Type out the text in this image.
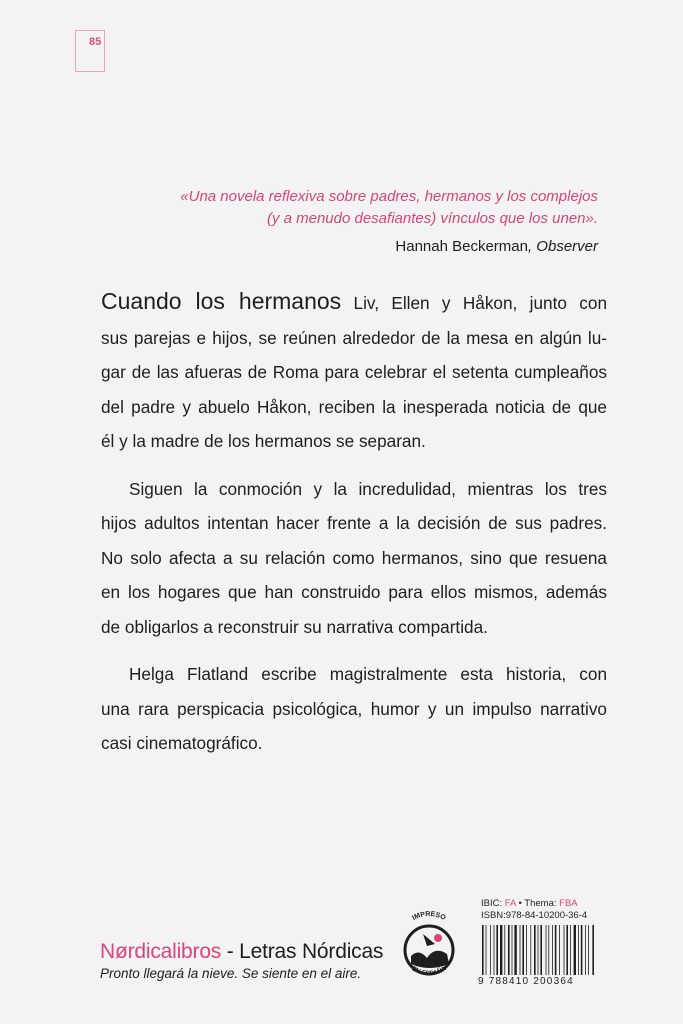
85

«Una novela reflexiva sobre padres, hermanos y los complejos

(y a menudo desafiantes) vínculos que los unen».

Hannah Beckerman, Observer

Cuando los hermanos Liv, Ellen y Håkon, junto con
sus parejas e hijos, se reúnen alrededor de la mesa en algún lu-
gar de las afueras de Roma para celebrar el setenta cumpleaños
del padre y abuelo Håkon, reciben la inesperada noticia de que
él y la madre de los hermanos se separan.

Siguen la conmoción y la incredulidad, mientras los tres
hijos adultos intentan hacer frente a la decisión de sus padres.
No solo afecta a su relación como hermanos, sino que resuena
en los hogares que han construido para ellos mismos, además
de obligarlos a reconstruir su narrativa compartida.

Helga Flatland escribe magistralmente esta historia, con
una rara perspicacia psicológica, humor y un impulso narrativo
casi cinematográfico.

Nørdicalibros - Letras Nórdicas
Pronto llegará la nieve. Se siente en el aire.
IMPRESO
EN ESPAÑA
IBIC: FA • Thema: FBA
ISBN:978-84-10200-36-4
9 788410 200364
